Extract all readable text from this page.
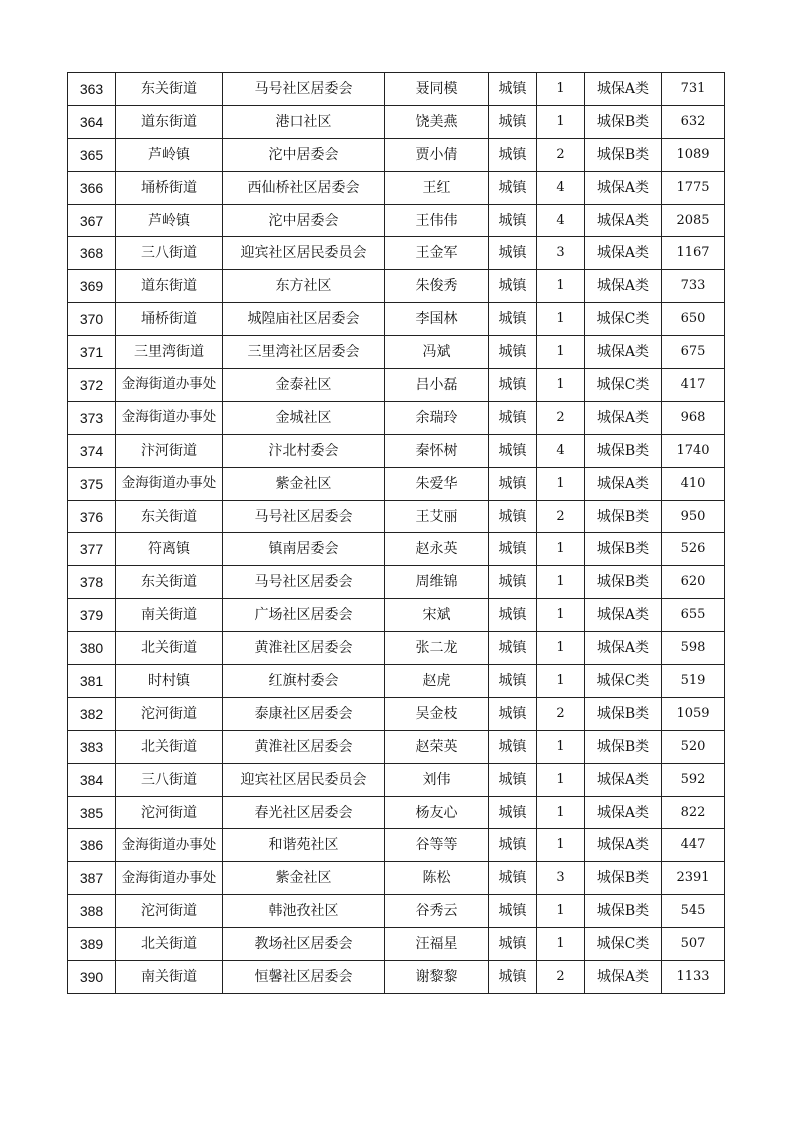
363	东关街道	马号社区居委会	聂同模	城镇	1	城保A类	731
364	道东街道	港口社区	饶美燕	城镇	1	城保B类	632
365	芦岭镇	沱中居委会	贾小倩	城镇	2	城保B类	1089
366	埇桥街道	西仙桥社区居委会	王红	城镇	4	城保A类	1775
367	芦岭镇	沱中居委会	王伟伟	城镇	4	城保A类	2085
368	三八街道	迎宾社区居民委员会	王金军	城镇	3	城保A类	1167
369	道东街道	东方社区	朱俊秀	城镇	1	城保A类	733
370	埇桥街道	城隍庙社区居委会	李国林	城镇	1	城保C类	650
371	三里湾街道	三里湾社区居委会	冯斌	城镇	1	城保A类	675
372	金海街道办事处	金泰社区	吕小磊	城镇	1	城保C类	417
373	金海街道办事处	金城社区	余瑞玲	城镇	2	城保A类	968
374	汴河街道	汴北村委会	秦怀树	城镇	4	城保B类	1740
375	金海街道办事处	紫金社区	朱爱华	城镇	1	城保A类	410
376	东关街道	马号社区居委会	王艾丽	城镇	2	城保B类	950
377	符离镇	镇南居委会	赵永英	城镇	1	城保B类	526
378	东关街道	马号社区居委会	周维锦	城镇	1	城保B类	620
379	南关街道	广场社区居委会	宋斌	城镇	1	城保A类	655
380	北关街道	黄淮社区居委会	张二龙	城镇	1	城保A类	598
381	时村镇	红旗村委会	赵虎	城镇	1	城保C类	519
382	沱河街道	泰康社区居委会	吴金枝	城镇	2	城保B类	1059
383	北关街道	黄淮社区居委会	赵荣英	城镇	1	城保B类	520
384	三八街道	迎宾社区居民委员会	刘伟	城镇	1	城保A类	592
385	沱河街道	春光社区居委会	杨友心	城镇	1	城保A类	822
386	金海街道办事处	和谐苑社区	谷等等	城镇	1	城保A类	447
387	金海街道办事处	紫金社区	陈松	城镇	3	城保B类	2391
388	沱河街道	韩池孜社区	谷秀云	城镇	1	城保B类	545
389	北关街道	教场社区居委会	汪福星	城镇	1	城保C类	507
390	南关街道	恒馨社区居委会	谢黎黎	城镇	2	城保A类	1133
